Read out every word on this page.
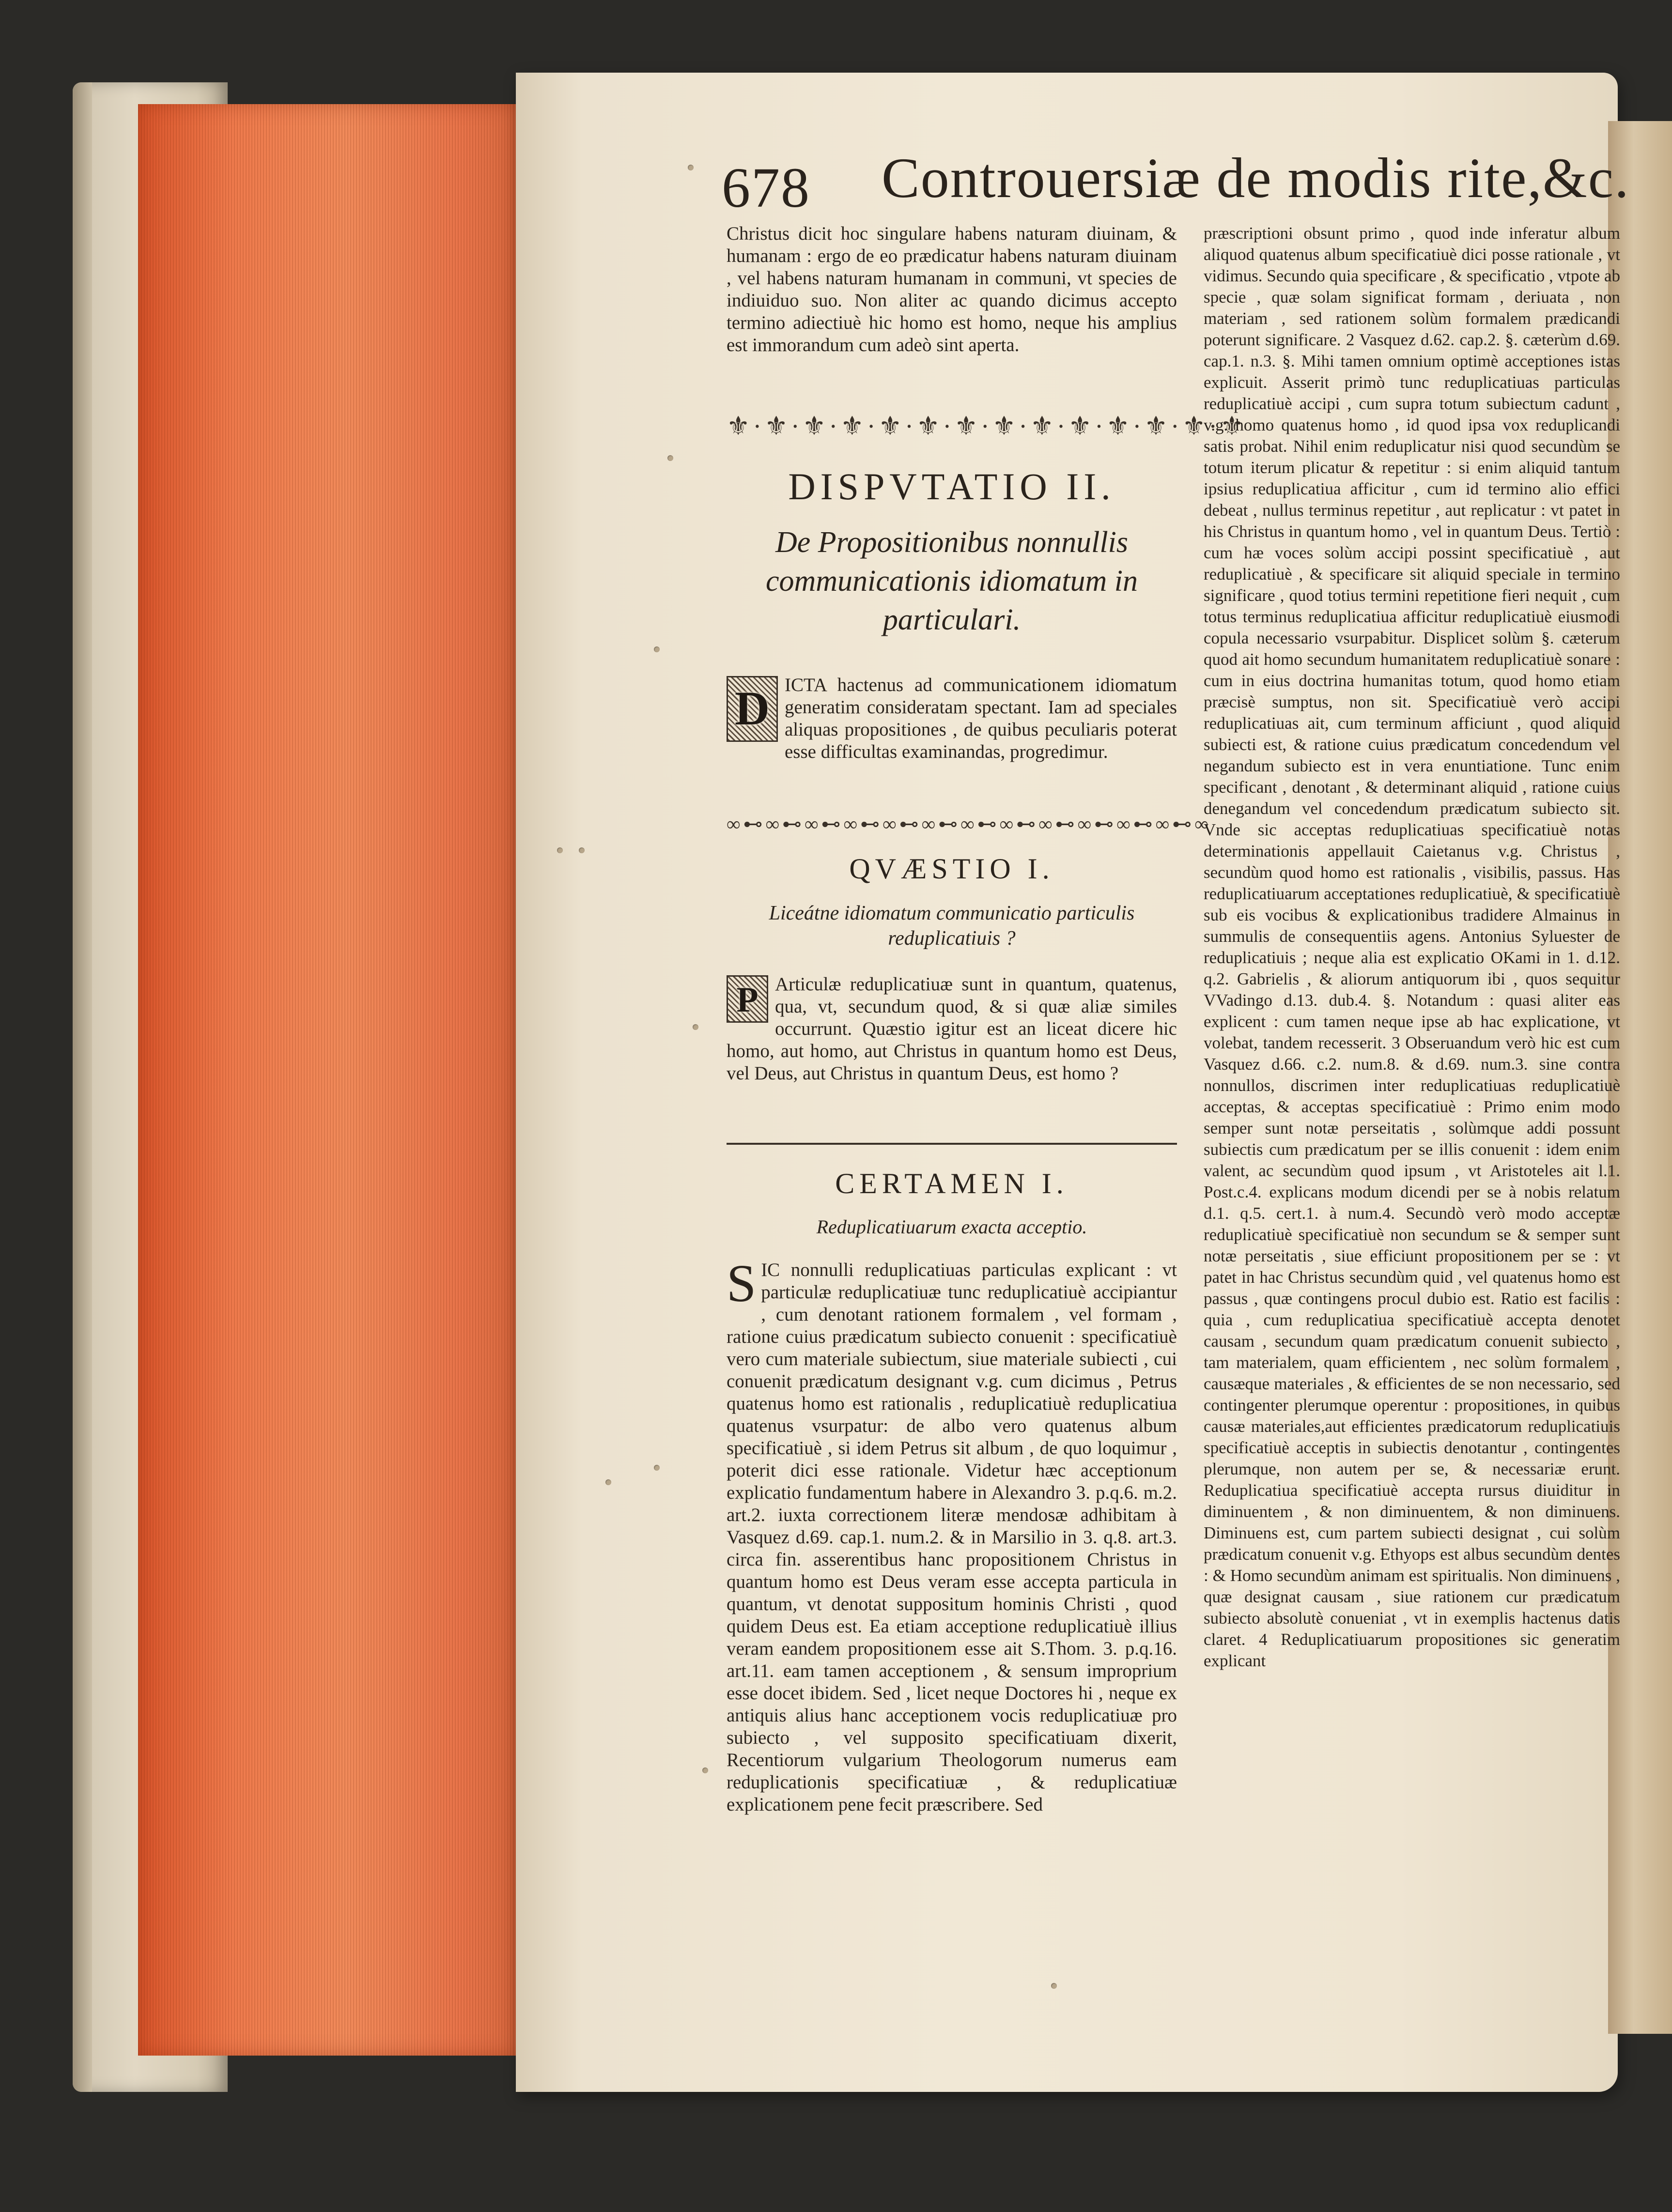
678 Controuersiæ de modis rite,&c.

Christus dicit hoc singulare habens naturam diuinam, & humanam : ergo de eo prædicatur habens naturam diuinam , vel habens naturam humanam in communi, vt species de indiuiduo suo. Non aliter ac quando dicimus accepto termino adiectiuè hic homo est homo, neque his amplius est immorandum cum adeò sint aperta.

⚜·⚜·⚜·⚜·⚜·⚜·⚜·⚜·⚜·⚜·⚜·⚜·⚜·⚜
DISPVTATIO II.
De Propositionibus nonnullis communicationis idiomatum in particulari.
D ICTA hactenus ad communicationem idiomatum generatim consideratam spectant. Iam ad speciales aliquas propositiones , de quibus peculiaris poterat esse difficultas examinandas, progredimur.
∞⊷∞⊷∞⊷∞⊷∞⊷∞⊷∞⊷∞⊷∞⊷∞⊷∞⊷∞⊷∞
QVÆSTIO I.
Liceátne idiomatum communicatio particulis reduplicatiuis ?
P Articulæ reduplicatiuæ sunt in quantum, quatenus, qua, vt, secundum quod, & si quæ aliæ similes occurrunt. Quæstio igitur est an liceat dicere hic homo, aut homo, aut Christus in quantum homo est Deus, vel Deus, aut Christus in quantum Deus, est homo ?
CERTAMEN I.
Reduplicatiuarum exacta acceptio.
S IC nonnulli reduplicatiuas particulas explicant : vt particulæ reduplicatiuæ tunc reduplicatiuè accipiantur , cum denotant rationem formalem , vel formam , ratione cuius prædicatum subiecto conuenit : specificatiuè vero cum materiale subiectum, siue materiale subiecti , cui conuenit prædicatum designant v.g. cum dicimus , Petrus quatenus homo est rationalis , reduplicatiuè reduplicatiua quatenus vsurpatur: de albo vero quatenus album specificatiuè , si idem Petrus sit album , de quo loquimur , poterit dici esse rationale. Videtur hæc acceptionum explicatio fundamentum habere in Alexandro 3. p.q.6. m.2. art.2. iuxta correctionem literæ mendosæ adhibitam à Vasquez d.69. cap.1. num.2. & in Marsilio in 3. q.8. art.3. circa fin. asserentibus hanc propositionem Christus in quantum homo est Deus veram esse accepta particula in quantum, vt denotat suppositum hominis Christi , quod quidem Deus est. Ea etiam acceptione reduplicatiuè illius veram eandem propositionem esse ait S.Thom. 3. p.q.16. art.11. eam tamen acceptionem , & sensum improprium esse docet ibidem. Sed , licet neque Doctores hi , neque ex antiquis alius hanc acceptionem vocis reduplicatiuæ pro subiecto , vel supposito specificatiuam dixerit, Recentiorum vulgarium Theologorum numerus eam reduplicationis specificatiuæ , & reduplicatiuæ explicationem pene fecit præscribere. Sed

præscriptioni obsunt primo , quod inde inferatur album aliquod quatenus album specificatiuè dici posse rationale , vt vidimus. Secundo quia specificare , & specificatio , vtpote ab specie , quæ solam significat formam , deriuata , non materiam , sed rationem solùm formalem prædicandi poterunt significare. 2 Vasquez d.62. cap.2. §. cæterùm d.69. cap.1. n.3. §. Mihi tamen omnium optimè acceptiones istas explicuit. Asserit primò tunc reduplicatiuas particulas reduplicatiuè accipi , cum supra totum subiectum cadunt , v.g. homo quatenus homo , id quod ipsa vox reduplicandi satis probat. Nihil enim reduplicatur nisi quod secundùm se totum iterum plicatur & repetitur : si enim aliquid tantum ipsius reduplicatiua afficitur , cum id termino alio effici debeat , nullus terminus repetitur , aut replicatur : vt patet in his Christus in quantum homo , vel in quantum Deus. Tertiò : cum hæ voces solùm accipi possint specificatiuè , aut reduplicatiuè , & specificare sit aliquid speciale in termino significare , quod totius termini repetitione fieri nequit , cum totus terminus reduplicatiua afficitur reduplicatiuè eiusmodi copula necessario vsurpabitur. Displicet solùm §. cæterum quod ait homo secundum humanitatem reduplicatiuè sonare : cum in eius doctrina humanitas totum, quod homo etiam præcisè sumptus, non sit. Specificatiuè verò accipi reduplicatiuas ait, cum terminum afficiunt , quod aliquid subiecti est, & ratione cuius prædicatum concedendum vel negandum subiecto est in vera enuntiatione. Tunc enim specificant , denotant , & determinant aliquid , ratione cuius denegandum vel concedendum prædicatum subiecto sit. Vnde sic acceptas reduplicatiuas specificatiuè notas determinationis appellauit Caietanus v.g. Christus , secundùm quod homo est rationalis , visibilis, passus. Has reduplicatiuarum acceptationes reduplicatiuè, & specificatiuè sub eis vocibus & explicationibus tradidere Almainus in summulis de consequentiis agens. Antonius Syluester de reduplicatiuis ; neque alia est explicatio OKami in 1. d.12. q.2. Gabrielis , & aliorum antiquorum ibi , quos sequitur VVadingo d.13. dub.4. §. Notandum : quasi aliter eas explicent : cum tamen neque ipse ab hac explicatione, vt volebat, tandem recesserit. 3 Obseruandum verò hic est cum Vasquez d.66. c.2. num.8. & d.69. num.3. sine contra nonnullos, discrimen inter reduplicatiuas reduplicatiuè acceptas, & acceptas specificatiuè : Primo enim modo semper sunt notæ perseitatis , solùmque addi possunt subiectis cum prædicatum per se illis conuenit : idem enim valent, ac secundùm quod ipsum , vt Aristoteles ait l.1. Post.c.4. explicans modum dicendi per se à nobis relatum d.1. q.5. cert.1. à num.4. Secundò verò modo acceptæ reduplicatiuè specificatiuè non secundum se & semper sunt notæ perseitatis , siue efficiunt propositionem per se : vt patet in hac Christus secundùm quid , vel quatenus homo est passus , quæ contingens procul dubio est. Ratio est facilis : quia , cum reduplicatiua specificatiuè accepta denotet causam , secundum quam prædicatum conuenit subiecto , tam materialem, quam efficientem , nec solùm formalem , causæque materiales , & efficientes de se non necessario, sed contingenter plerumque operentur : propositiones, in quibus causæ materiales,aut efficientes prædicatorum reduplicatiuis specificatiuè acceptis in subiectis denotantur , contingentes plerumque, non autem per se, & necessariæ erunt. Reduplicatiua specificatiuè accepta rursus diuiditur in diminuentem , & non diminuentem, & non diminuens. Diminuens est, cum partem subiecti designat , cui solùm prædicatum conuenit v.g. Ethyops est albus secundùm dentes : & Homo secundùm animam est spiritualis. Non diminuens , quæ designat causam , siue rationem cur prædicatum subiecto absolutè conueniat , vt in exemplis hactenus datis claret. 4 Reduplicatiuarum propositiones sic generatim explicant
